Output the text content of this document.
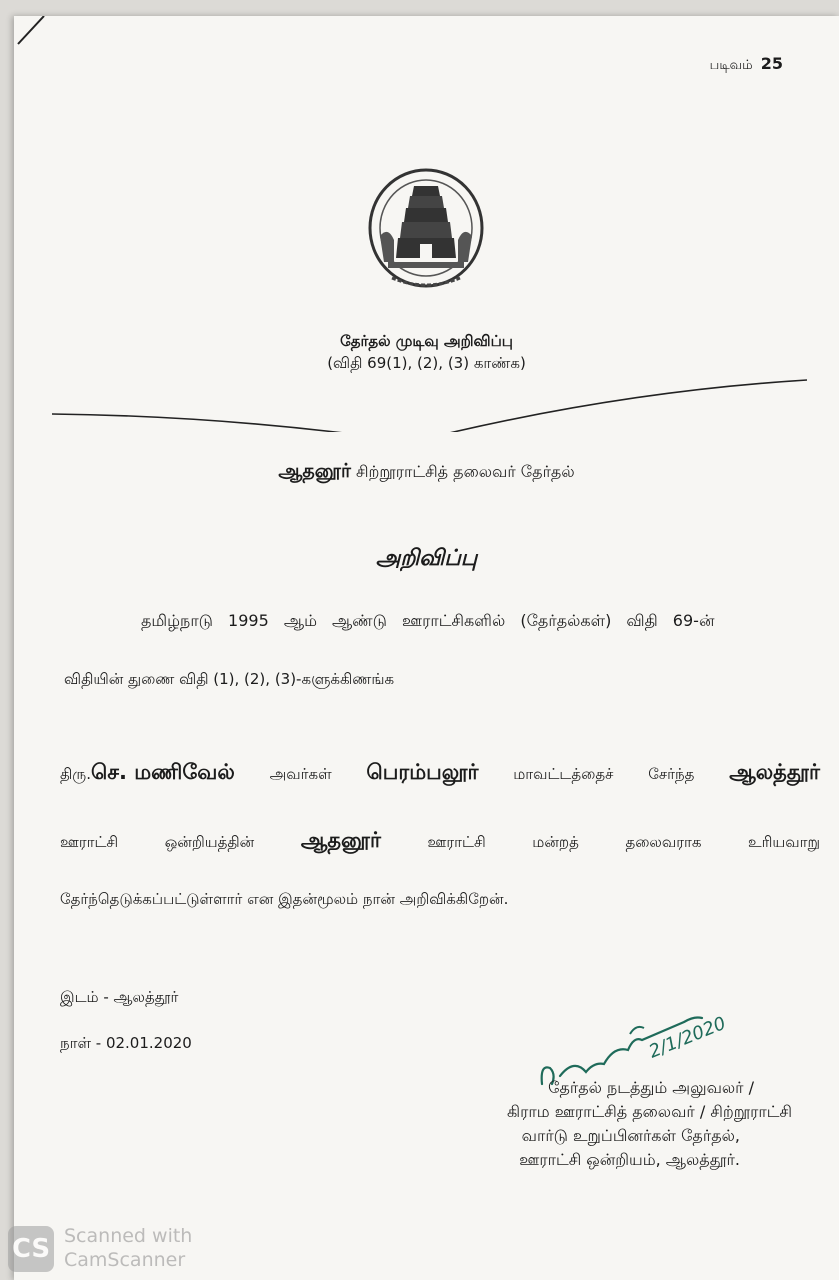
படிவம் 25
தேர்தல் முடிவு அறிவிப்பு
(விதி 69(1), (2), (3) காண்க)
ஆதனூர் சிற்றூராட்சித் தலைவர் தேர்தல்
அறிவிப்பு
தமிழ்நாடு 1995 ஆம் ஆண்டு ஊராட்சிகளில் (தேர்தல்கள்) விதி 69-ன்
விதியின் துணை விதி (1), (2), (3)-களுக்கிணங்க
திரு.செ. மணிவேல் அவர்கள் பெரம்பலூர் மாவட்டத்தைச் சேர்ந்த ஆலத்தூர்
ஊராட்சி	ஒன்றியத்தின் ஆதனூர்	ஊராட்சி	மன்றத்	தலைவராக	உரியவாறு
தேர்ந்தெடுக்கப்பட்டுள்ளார் என இதன்மூலம் நான் அறிவிக்கிறேன்.
இடம் - ஆலத்தூர்
நாள் - 02.01.2020	2/1/2020
தேர்தல் நடத்தும் அலுவலர் /
கிராம ஊராட்சித் தலைவர் / சிற்றூராட்சி
வார்டு உறுப்பினர்கள் தேர்தல்,
ஊராட்சி ஒன்றியம், ஆலத்தூர்.
CS Scanned with
CamScanner
